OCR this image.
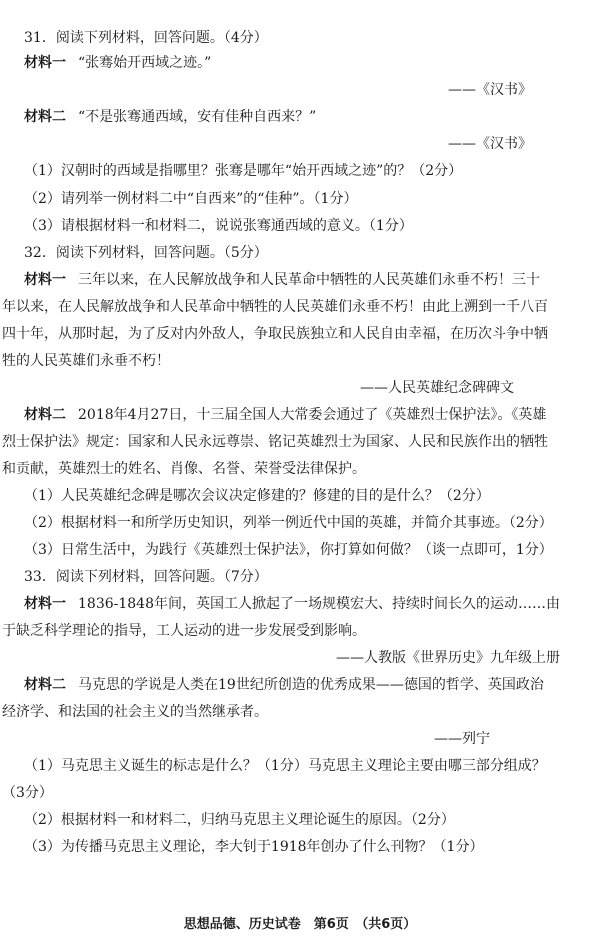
31．阅读下列材料，回答问题。（4分）
材料一 “张骞始开西域之迹。”
——《汉书》
材料二 “不是张骞通西域，安有佳种自西来？”
——《汉书》
（1）汉朝时的西域是指哪里？张骞是哪年“始开西域之迹”的？（2分）
（2）请列举一例材料二中“自西来”的“佳种”。（1分）
（3）请根据材料一和材料二，说说张骞通西域的意义。（1分）
32．阅读下列材料，回答问题。（5分）
材料一 三年以来，在人民解放战争和人民革命中牺牲的人民英雄们永垂不朽！三十
年以来，在人民解放战争和人民革命中牺牲的人民英雄们永垂不朽！由此上溯到一千八百
四十年，从那时起，为了反对内外敌人，争取民族独立和人民自由幸福，在历次斗争中牺
牲的人民英雄们永垂不朽！
——人民英雄纪念碑碑文
材料二 2018年4月27日，十三届全国人大常委会通过了《英雄烈士保护法》。《英雄
烈士保护法》规定：国家和人民永远尊崇、铭记英雄烈士为国家、人民和民族作出的牺牲
和贡献，英雄烈士的姓名、肖像、名誉、荣誉受法律保护。
（1）人民英雄纪念碑是哪次会议决定修建的？修建的目的是什么？（2分）
（2）根据材料一和所学历史知识，列举一例近代中国的英雄，并简介其事迹。（2分）
（3）日常生活中，为践行《英雄烈士保护法》，你打算如何做？（谈一点即可，1分）
33．阅读下列材料，回答问题。（7分）
材料一 1836-1848年间，英国工人掀起了一场规模宏大、持续时间长久的运动……由
于缺乏科学理论的指导，工人运动的进一步发展受到影响。
——人教版《世界历史》九年级上册
材料二 马克思的学说是人类在19世纪所创造的优秀成果——德国的哲学、英国政治
经济学、和法国的社会主义的当然继承者。
——列宁
（1）马克思主义诞生的标志是什么？（1分）马克思主义理论主要由哪三部分组成？
（3分）
（2）根据材料一和材料二，归纳马克思主义理论诞生的原因。（2分）
（3）为传播马克思主义理论，李大钊于1918年创办了什么刊物？（1分）
思想品德、历史试卷　第6页　（共6页）
